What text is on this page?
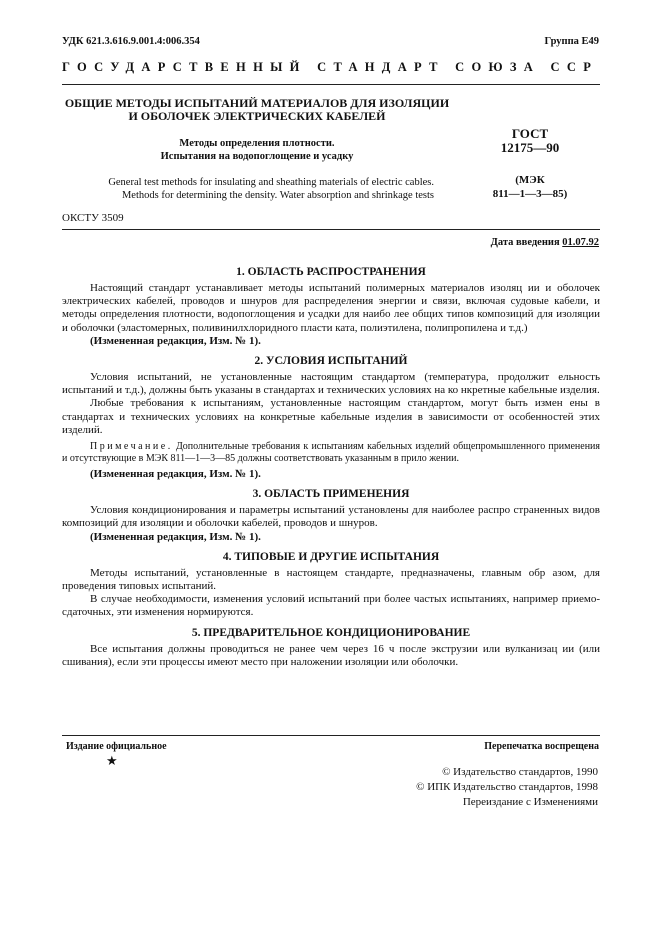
УДК 621.3.616.9.001.4:006.354	Группа Е49
ГОСУДАРСТВЕННЫЙ СТАНДАРТ СОЮЗА ССР
ОБЩИЕ МЕТОДЫ ИСПЫТАНИЙ МАТЕРИАЛОВ ДЛЯ ИЗОЛЯЦИИ
И ОБОЛОЧЕК ЭЛЕКТРИЧЕСКИХ КАБЕЛЕЙ
Методы определения плотности.
Испытания на водопоглощение и усадку
General test methods for insulating and sheathing materials of electric cables.
Methods for determining the density. Water absorption and shrinkage tests
ГОСТ
12175—90
(МЭК
811—1—3—85)
ОКСТУ 3509
Дата введения 01.07.92
1. ОБЛАСТЬ РАСПРОСТРАНЕНИЯ

Настоящий стандарт устанавливает методы испытаний полимерных материалов изоляц ии и оболочек электрических кабелей, проводов и шнуров для распределения энергии и связи, включая судовые кабели, и методы определения плотности, водопоглощения и усадки для наибо лее общих типов композиций для изоляции и оболочки (эластомерных, поливинилхлоридного пласти ката, полиэтилена, полипропилена и т.д.)

(Измененная редакция, Изм. № 1).

2. УСЛОВИЯ ИСПЫТАНИЙ

Условия испытаний, не установленные настоящим стандартом (температура, продолжит ельность испытаний и т.д.), должны быть указаны в стандартах и технических условиях на ко нкретные кабельные изделия.

Любые требования к испытаниям, установленные настоящим стандартом, могут быть измен ены в стандартах и технических условиях на конкретные кабельные изделия в зависимости от особенностей этих изделий.

Примечание. Дополнительные требования к испытаниям кабельных изделий общепромышленного применения и отсутствующие в МЭК 811—1—3—85 должны соответствовать указанным в прило жении.

(Измененная редакция, Изм. № 1).

3. ОБЛАСТЬ ПРИМЕНЕНИЯ

Условия кондиционирования и параметры испытаний установлены для наиболее распро страненных видов композиций для изоляции и оболочки кабелей, проводов и шнуров.

(Измененная редакция, Изм. № 1).

4. ТИПОВЫЕ И ДРУГИЕ ИСПЫТАНИЯ

Методы испытаний, установленные в настоящем стандарте, предназначены, главным обр азом, для проведения типовых испытаний.

В случае необходимости, изменения условий испытаний при более частых испытаниях, например приемо-сдаточных, эти изменения нормируются.

5. ПРЕДВАРИТЕЛЬНОЕ КОНДИЦИОНИРОВАНИЕ

Все испытания должны проводиться не ранее чем через 16 ч после экструзии или вулканизац ии (или сшивания), если эти процессы имеют место при наложении изоляции или оболочки.

Издание официальное
★
Перепечатка воспрещена
© Издательство стандартов, 1990
© ИПК Издательство стандартов, 1998
Переиздание с Изменениями
